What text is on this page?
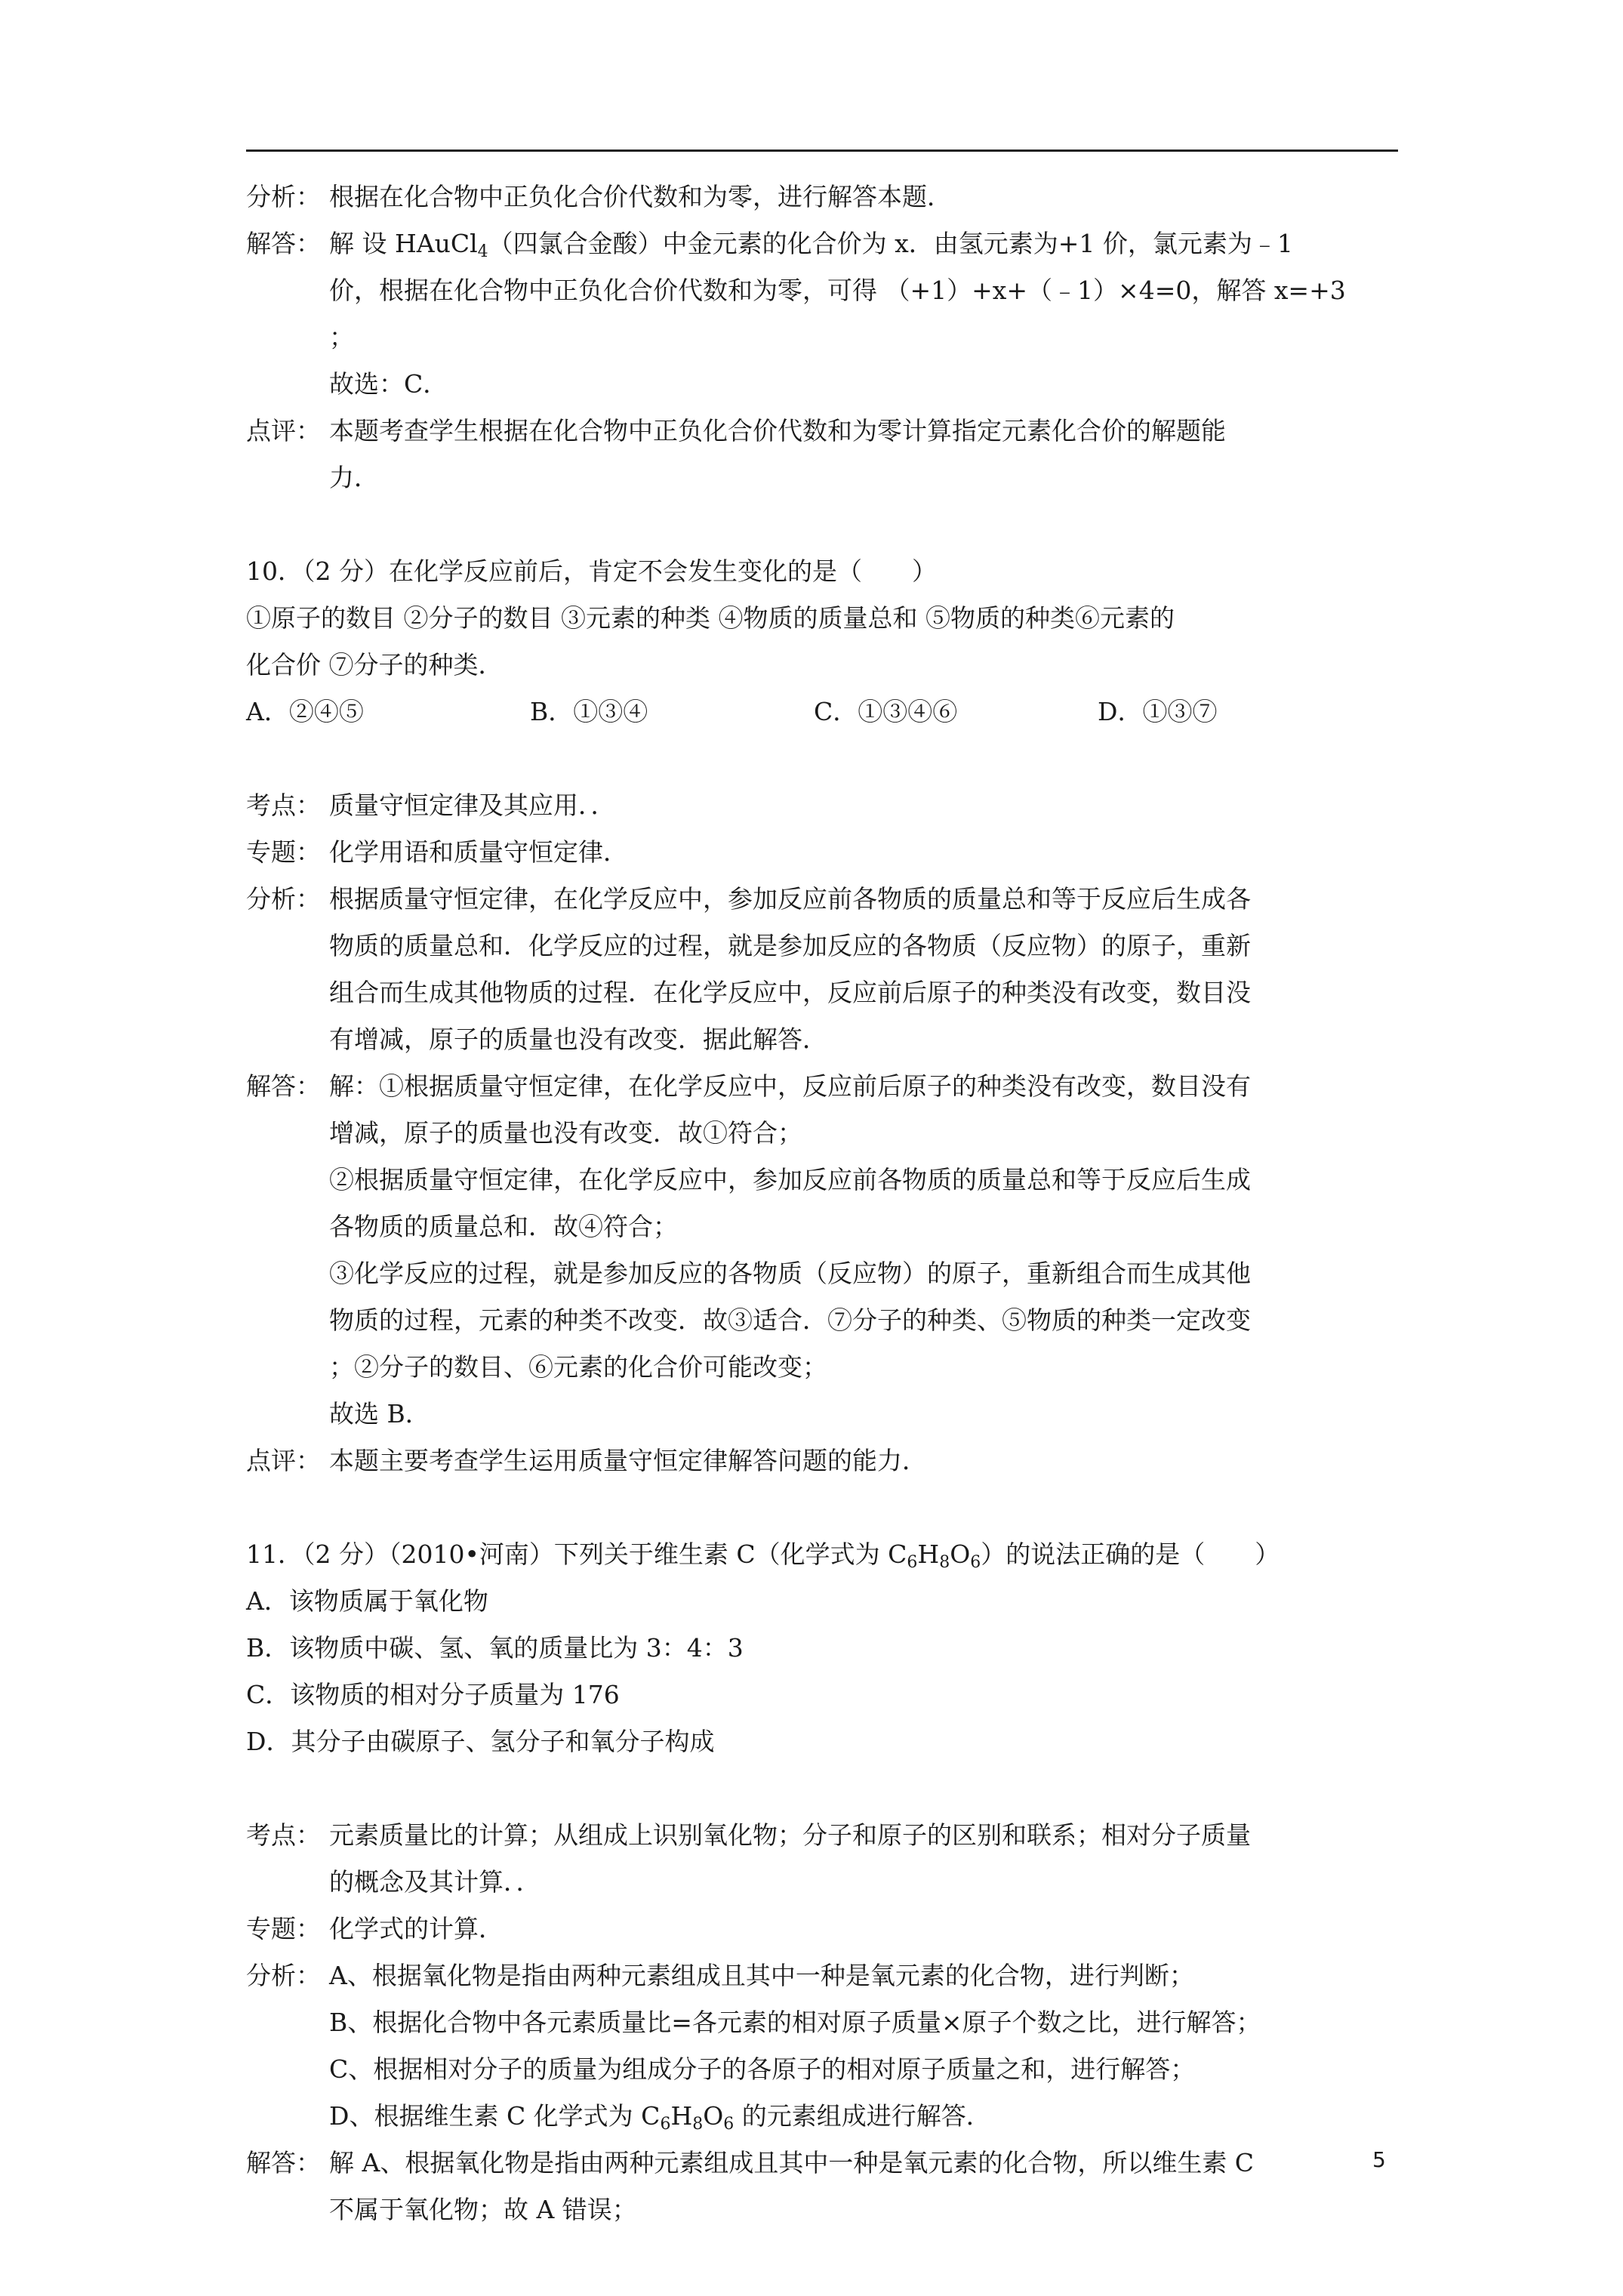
分析： 根据在化合物中正负化合价代数和为零，进行解答本题．
解答： 解 设 HAuCl$_4$（四氯合金酸）中金元素的化合价为 x．由氢元素为+1 价，氯元素为﹣1
价，根据在化合物中正负化合价代数和为零，可得 （+1）+x+（﹣1）×4=0，解答 x=+3
；
故选：C．
点评： 本题考查学生根据在化合物中正负化合价代数和为零计算指定元素化合价的解题能
力．
10．（2 分）在化学反应前后，肯定不会发生变化的是（　　）
①原子的数目 ②分子的数目 ③元素的种类 ④物质的质量总和 ⑤物质的种类⑥元素的
化合价 ⑦分子的种类．
A．②④⑤	B．①③④	C．①③④⑥	D．①③⑦
考点： 质量守恒定律及其应用．．
专题： 化学用语和质量守恒定律．
分析： 根据质量守恒定律，在化学反应中，参加反应前各物质的质量总和等于反应后生成各
物质的质量总和．化学反应的过程，就是参加反应的各物质（反应物）的原子，重新
组合而生成其他物质的过程．在化学反应中，反应前后原子的种类没有改变，数目没
有增减，原子的质量也没有改变．据此解答．
解答： 解：①根据质量守恒定律，在化学反应中，反应前后原子的种类没有改变，数目没有
增减，原子的质量也没有改变．故①符合；
②根据质量守恒定律，在化学反应中，参加反应前各物质的质量总和等于反应后生成
各物质的质量总和．故④符合；
③化学反应的过程，就是参加反应的各物质（反应物）的原子，重新组合而生成其他
物质的过程，元素的种类不改变．故③适合．⑦分子的种类、⑤物质的种类一定改变
；②分子的数目、⑥元素的化合价可能改变；
故选 B．
点评： 本题主要考查学生运用质量守恒定律解答问题的能力．
11．（2 分）（2010•河南）下列关于维生素 C（化学式为 $C_6H_8O_6$）的说法正确的是（　　）
A．该物质属于氧化物
B．该物质中碳、氢、氧的质量比为 3：4：3
C．该物质的相对分子质量为 176
D．其分子由碳原子、氢分子和氧分子构成
考点： 元素质量比的计算；从组成上识别氧化物；分子和原子的区别和联系；相对分子质量
的概念及其计算．．
专题： 化学式的计算．
分析： A、根据氧化物是指由两种元素组成且其中一种是氧元素的化合物，进行判断；
B、根据化合物中各元素质量比=各元素的相对原子质量×原子个数之比，进行解答；
C、根据相对分子的质量为组成分子的各原子的相对原子质量之和，进行解答；
D、根据维生素 C 化学式为 $C_6H_8O_6$ 的元素组成进行解答．
解答： 解 A、根据氧化物是指由两种元素组成且其中一种是氧元素的化合物，所以维生素 C
不属于氧化物；故 A 错误；
5
